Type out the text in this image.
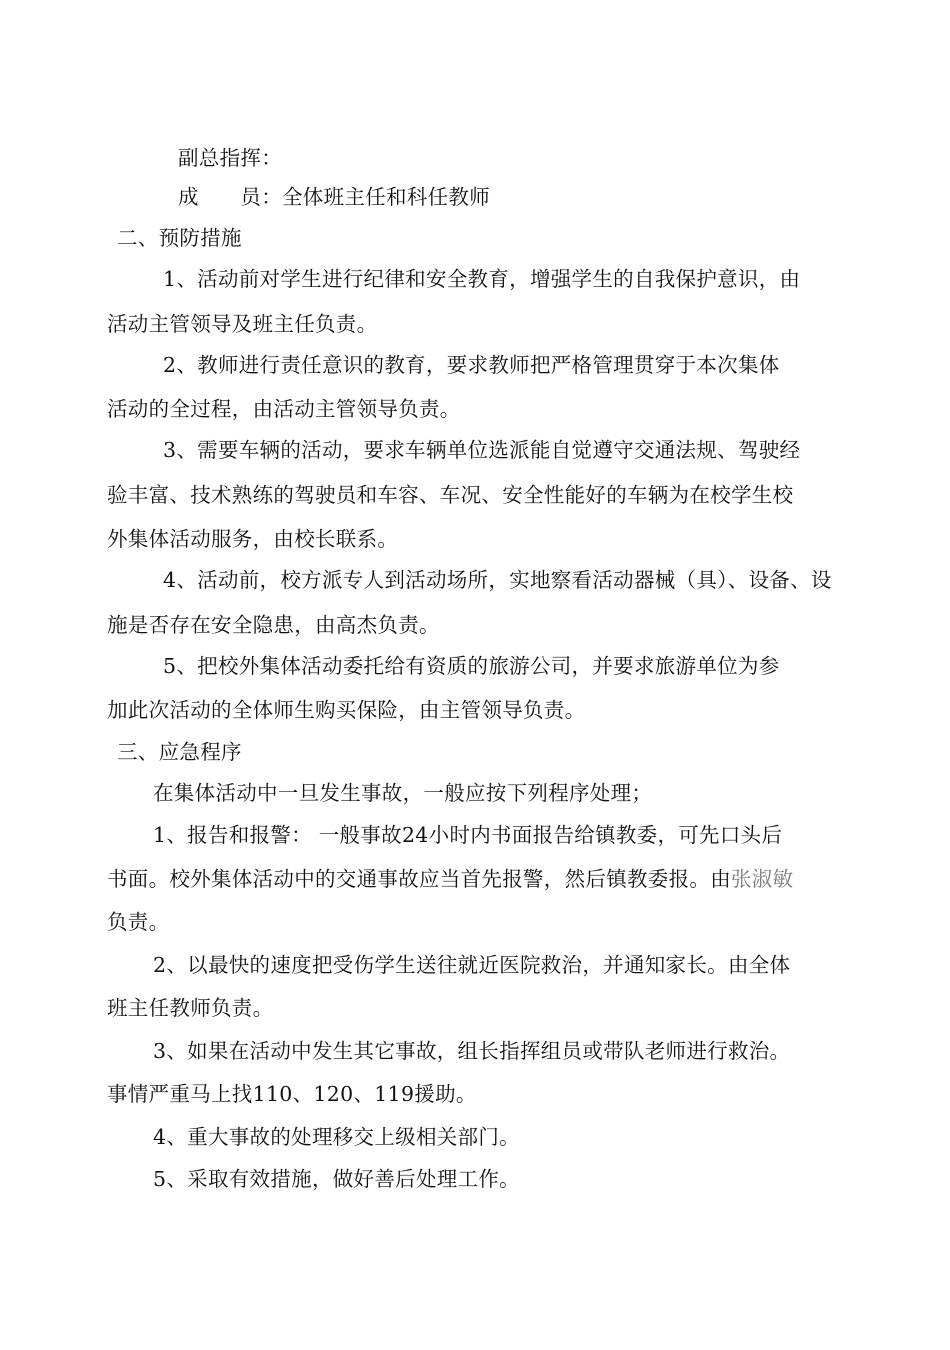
副总指挥：
成　　员：全体班主任和科任教师
二、预防措施
1、活动前对学生进行纪律和安全教育，增强学生的自我保护意识，由
活动主管领导及班主任负责。
2、教师进行责任意识的教育，要求教师把严格管理贯穿于本次集体
活动的全过程，由活动主管领导负责。
3、需要车辆的活动，要求车辆单位选派能自觉遵守交通法规、驾驶经
验丰富、技术熟练的驾驶员和车容、车况、安全性能好的车辆为在校学生校
外集体活动服务，由校长联系。
4、活动前，校方派专人到活动场所，实地察看活动器械（具）、设备、设
施是否存在安全隐患，由高杰负责。
5、把校外集体活动委托给有资质的旅游公司，并要求旅游单位为参
加此次活动的全体师生购买保险，由主管领导负责。
三、应急程序
在集体活动中一旦发生事故，一般应按下列程序处理；
1、报告和报警： 一般事故24小时内书面报告给镇教委，可先口头后
书面。校外集体活动中的交通事故应当首先报警，然后镇教委报。由张淑敏
负责。
2、以最快的速度把受伤学生送往就近医院救治，并通知家长。由全体
班主任教师负责。
3、如果在活动中发生其它事故，组长指挥组员或带队老师进行救治。
事情严重马上找110、120、119援助。
4、重大事故的处理移交上级相关部门。
5、采取有效措施，做好善后处理工作。
